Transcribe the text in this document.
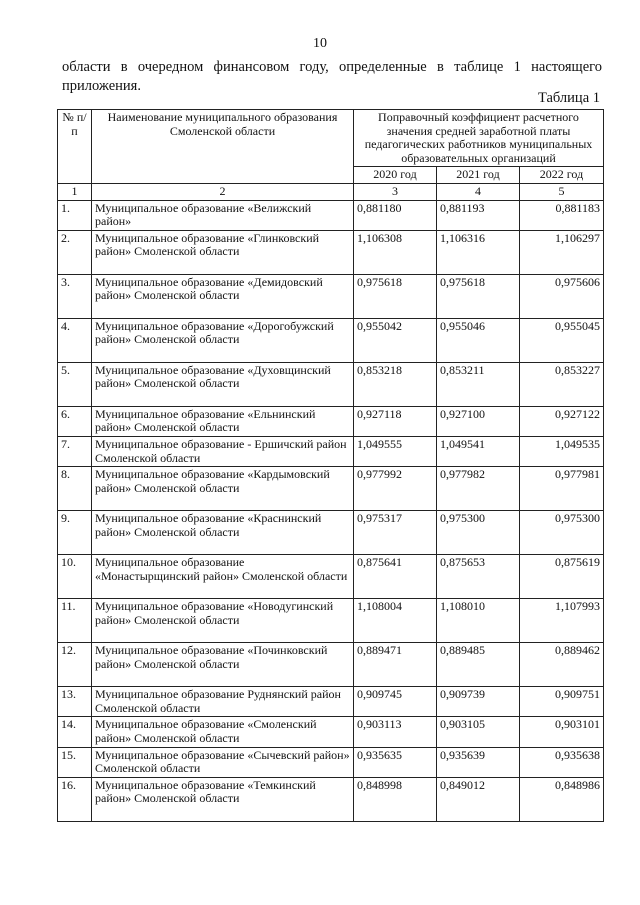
10
области в очередном финансовом году, определенные в таблице 1 настоящего
приложения.
Таблица 1
№ п/п	Наименование муниципального образования Смоленской области	Поправочный коэффициент расчетного значения средней заработной платы педагогических работников муниципальных образовательных организаций		
		2020 год	2021 год	2022 год
1	2	3	4	5
1.	Муниципальное образование «Велижский район»	0,881180	0,881193	0,881183
2.	Муниципальное образование «Глинковский район» Смоленской области	1,106308	1,106316	1,106297
3.	Муниципальное образование «Демидовский район» Смоленской области	0,975618	0,975618	0,975606
4.	Муниципальное образование «Дорогобужский район» Смоленской области	0,955042	0,955046	0,955045
5.	Муниципальное образование «Духовщинский район» Смоленской области	0,853218	0,853211	0,853227
6.	Муниципальное образование «Ельнинский район» Смоленской области	0,927118	0,927100	0,927122
7.	Муниципальное образование - Ершичский район Смоленской области	1,049555	1,049541	1,049535
8.	Муниципальное образование «Кардымовский район» Смоленской области	0,977992	0,977982	0,977981
9.	Муниципальное образование «Краснинский район» Смоленской области	0,975317	0,975300	0,975300
10.	Муниципальное образование «Монастырщинский район» Смоленской области	0,875641	0,875653	0,875619
11.	Муниципальное образование «Новодугинский район» Смоленской области	1,108004	1,108010	1,107993
12.	Муниципальное образование «Починковский район» Смоленской области	0,889471	0,889485	0,889462
13.	Муниципальное образование Руднянский район Смоленской области	0,909745	0,909739	0,909751
14.	Муниципальное образование «Смоленский район» Смоленской области	0,903113	0,903105	0,903101
15.	Муниципальное образование «Сычевский район» Смоленской области	0,935635	0,935639	0,935638
16.	Муниципальное образование «Темкинский район» Смоленской области	0,848998	0,849012	0,848986
